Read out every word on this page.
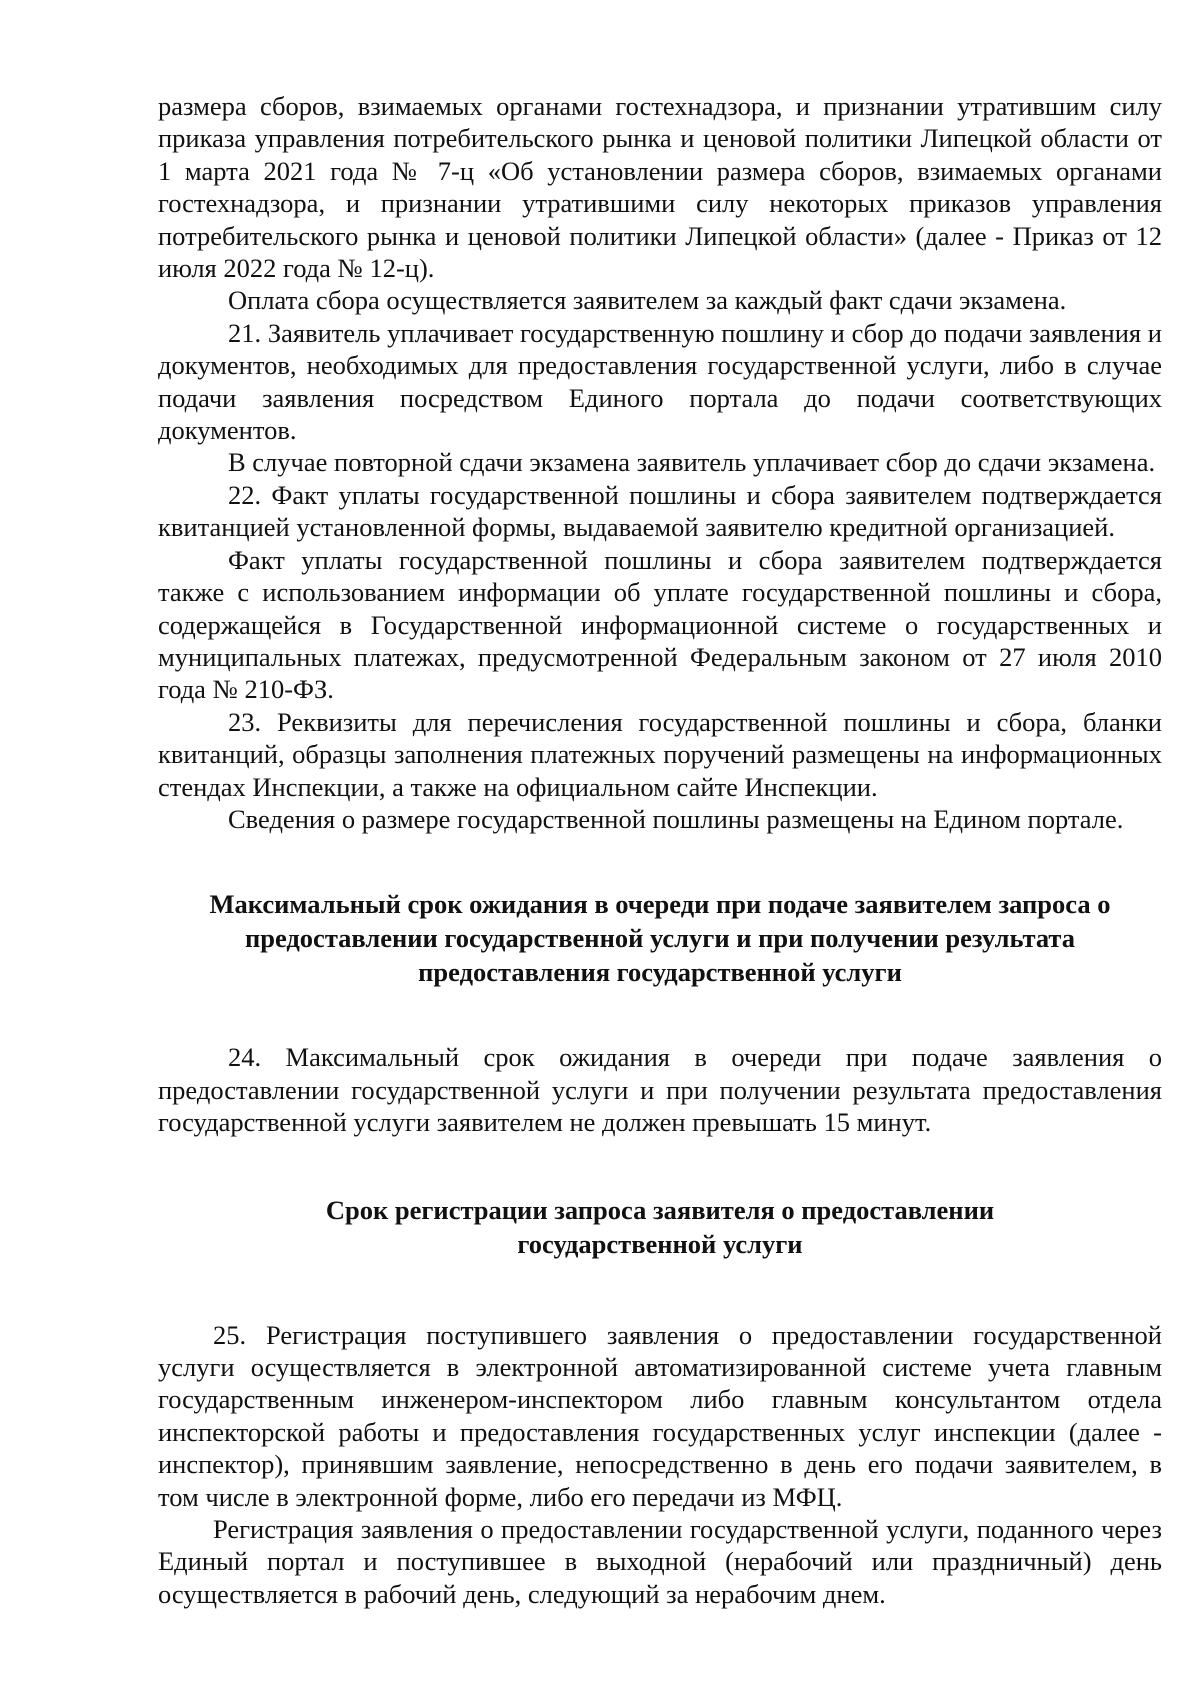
размера сборов, взимаемых органами гостехнадзора, и признании утратившим силу приказа управления потребительского рынка и ценовой политики Липецкой области от 1 марта 2021 года № 7-ц «Об установлении размера сборов, взимаемых органами гостехнадзора, и признании утратившими силу некоторых приказов управления потребительского рынка и ценовой политики Липецкой области» (далее - Приказ от 12 июля 2022 года № 12-ц).

Оплата сбора осуществляется заявителем за каждый факт сдачи экзамена.

21. Заявитель уплачивает государственную пошлину и сбор до подачи заявления и документов, необходимых для предоставления государственной услуги, либо в случае подачи заявления посредством Единого портала до подачи соответствующих документов.

В случае повторной сдачи экзамена заявитель уплачивает сбор до сдачи экзамена.

22. Факт уплаты государственной пошлины и сбора заявителем подтверждается квитанцией установленной формы, выдаваемой заявителю кредитной организацией.

Факт уплаты государственной пошлины и сбора заявителем подтверждается также с использованием информации об уплате государственной пошлины и сбора, содержащейся в Государственной информационной системе о государственных и муниципальных платежах, предусмотренной Федеральным законом от 27 июля 2010 года № 210-ФЗ.

23. Реквизиты для перечисления государственной пошлины и сбора, бланки квитанций, образцы заполнения платежных поручений размещены на информационных стендах Инспекции, а также на официальном сайте Инспекции.

Сведения о размере государственной пошлины размещены на Едином портале.

Максимальный срок ожидания в очереди при подаче заявителем запроса о предоставлении государственной услуги и при получении результата предоставления государственной услуги

24. Максимальный срок ожидания в очереди при подаче заявления о предоставлении государственной услуги и при получении результата предоставления государственной услуги заявителем не должен превышать 15 минут.

Срок регистрации запроса заявителя о предоставлении

государственной услуги

25. Регистрация поступившего заявления о предоставлении государственной услуги осуществляется в электронной автоматизированной системе учета главным государственным инженером-инспектором либо главным консультантом отдела инспекторской работы и предоставления государственных услуг инспекции (далее - инспектор), принявшим заявление, непосредственно в день его подачи заявителем, в том числе в электронной форме, либо его передачи из МФЦ.

Регистрация заявления о предоставлении государственной услуги, поданного через Единый портал и поступившее в выходной (нерабочий или праздничный) день осуществляется в рабочий день, следующий за нерабочим днем.
